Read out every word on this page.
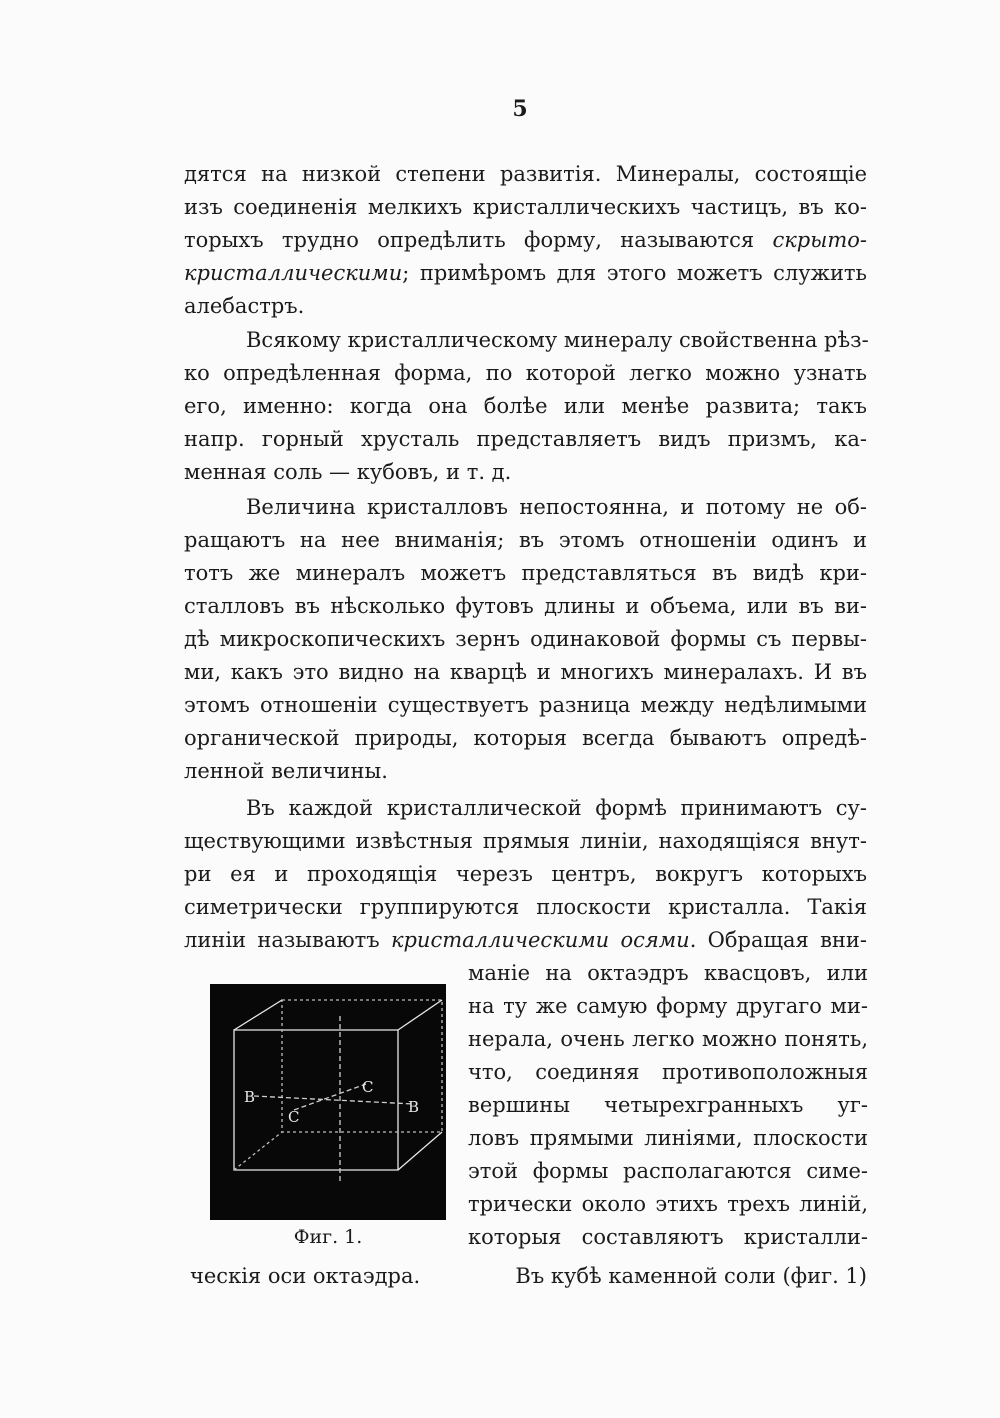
5
дятся на низкой степени развитія. Минералы, состоящіе
изъ соединенія мелкихъ кристаллическихъ частицъ, въ ко-
торыхъ трудно опредѣлить форму, называются скрыто-
кристаллическими; примѣромъ для этого можетъ служить
алебастръ.
Всякому кристаллическому минералу свойственна рѣз-
ко опредѣленная форма, по которой легко можно узнать
его, именно: когда она болѣе или менѣе развита; такъ
напр. горный хрусталь представляетъ видъ призмъ, ка-
менная соль — кубовъ, и т. д.
Величина кристалловъ непостоянна, и потому не об-
ращаютъ на нее вниманія; въ этомъ отношеніи одинъ и
тотъ же минералъ можетъ представляться въ видѣ кри-
сталловъ въ нѣсколько футовъ длины и объема, или въ ви-
дѣ микроскопическихъ зернъ одинаковой формы съ первы-
ми, какъ это видно на кварцѣ и многихъ минералахъ. И въ
этомъ отношеніи существуетъ разница между недѣлимыми
органической природы, которыя всегда бываютъ опредѣ-
ленной величины.
Въ каждой кристаллической формѣ принимаютъ су-
ществующими извѣстныя прямыя линіи, находящіяся внут-
ри ея и проходящія черезъ центръ, вокругъ которыхъ
симетрически группируются плоскости кристалла. Такія
линіи называютъ кристаллическими осями. Обращая вни-
маніе на октаэдръ квасцовъ, или
на ту же самую форму другаго ми-
нерала, очень легко можно понять,
что, соединяя противоположныя
вершины четырехгранныхъ уг-
ловъ прямыми линіями, плоскости
этой формы располагаются симе-
трически около этихъ трехъ линій,
которыя составляютъ кристалли-
ческія оси октаэдра.	Въ кубѣ каменной соли (фиг. 1)
B
B
C
C
Фиг. 1.
